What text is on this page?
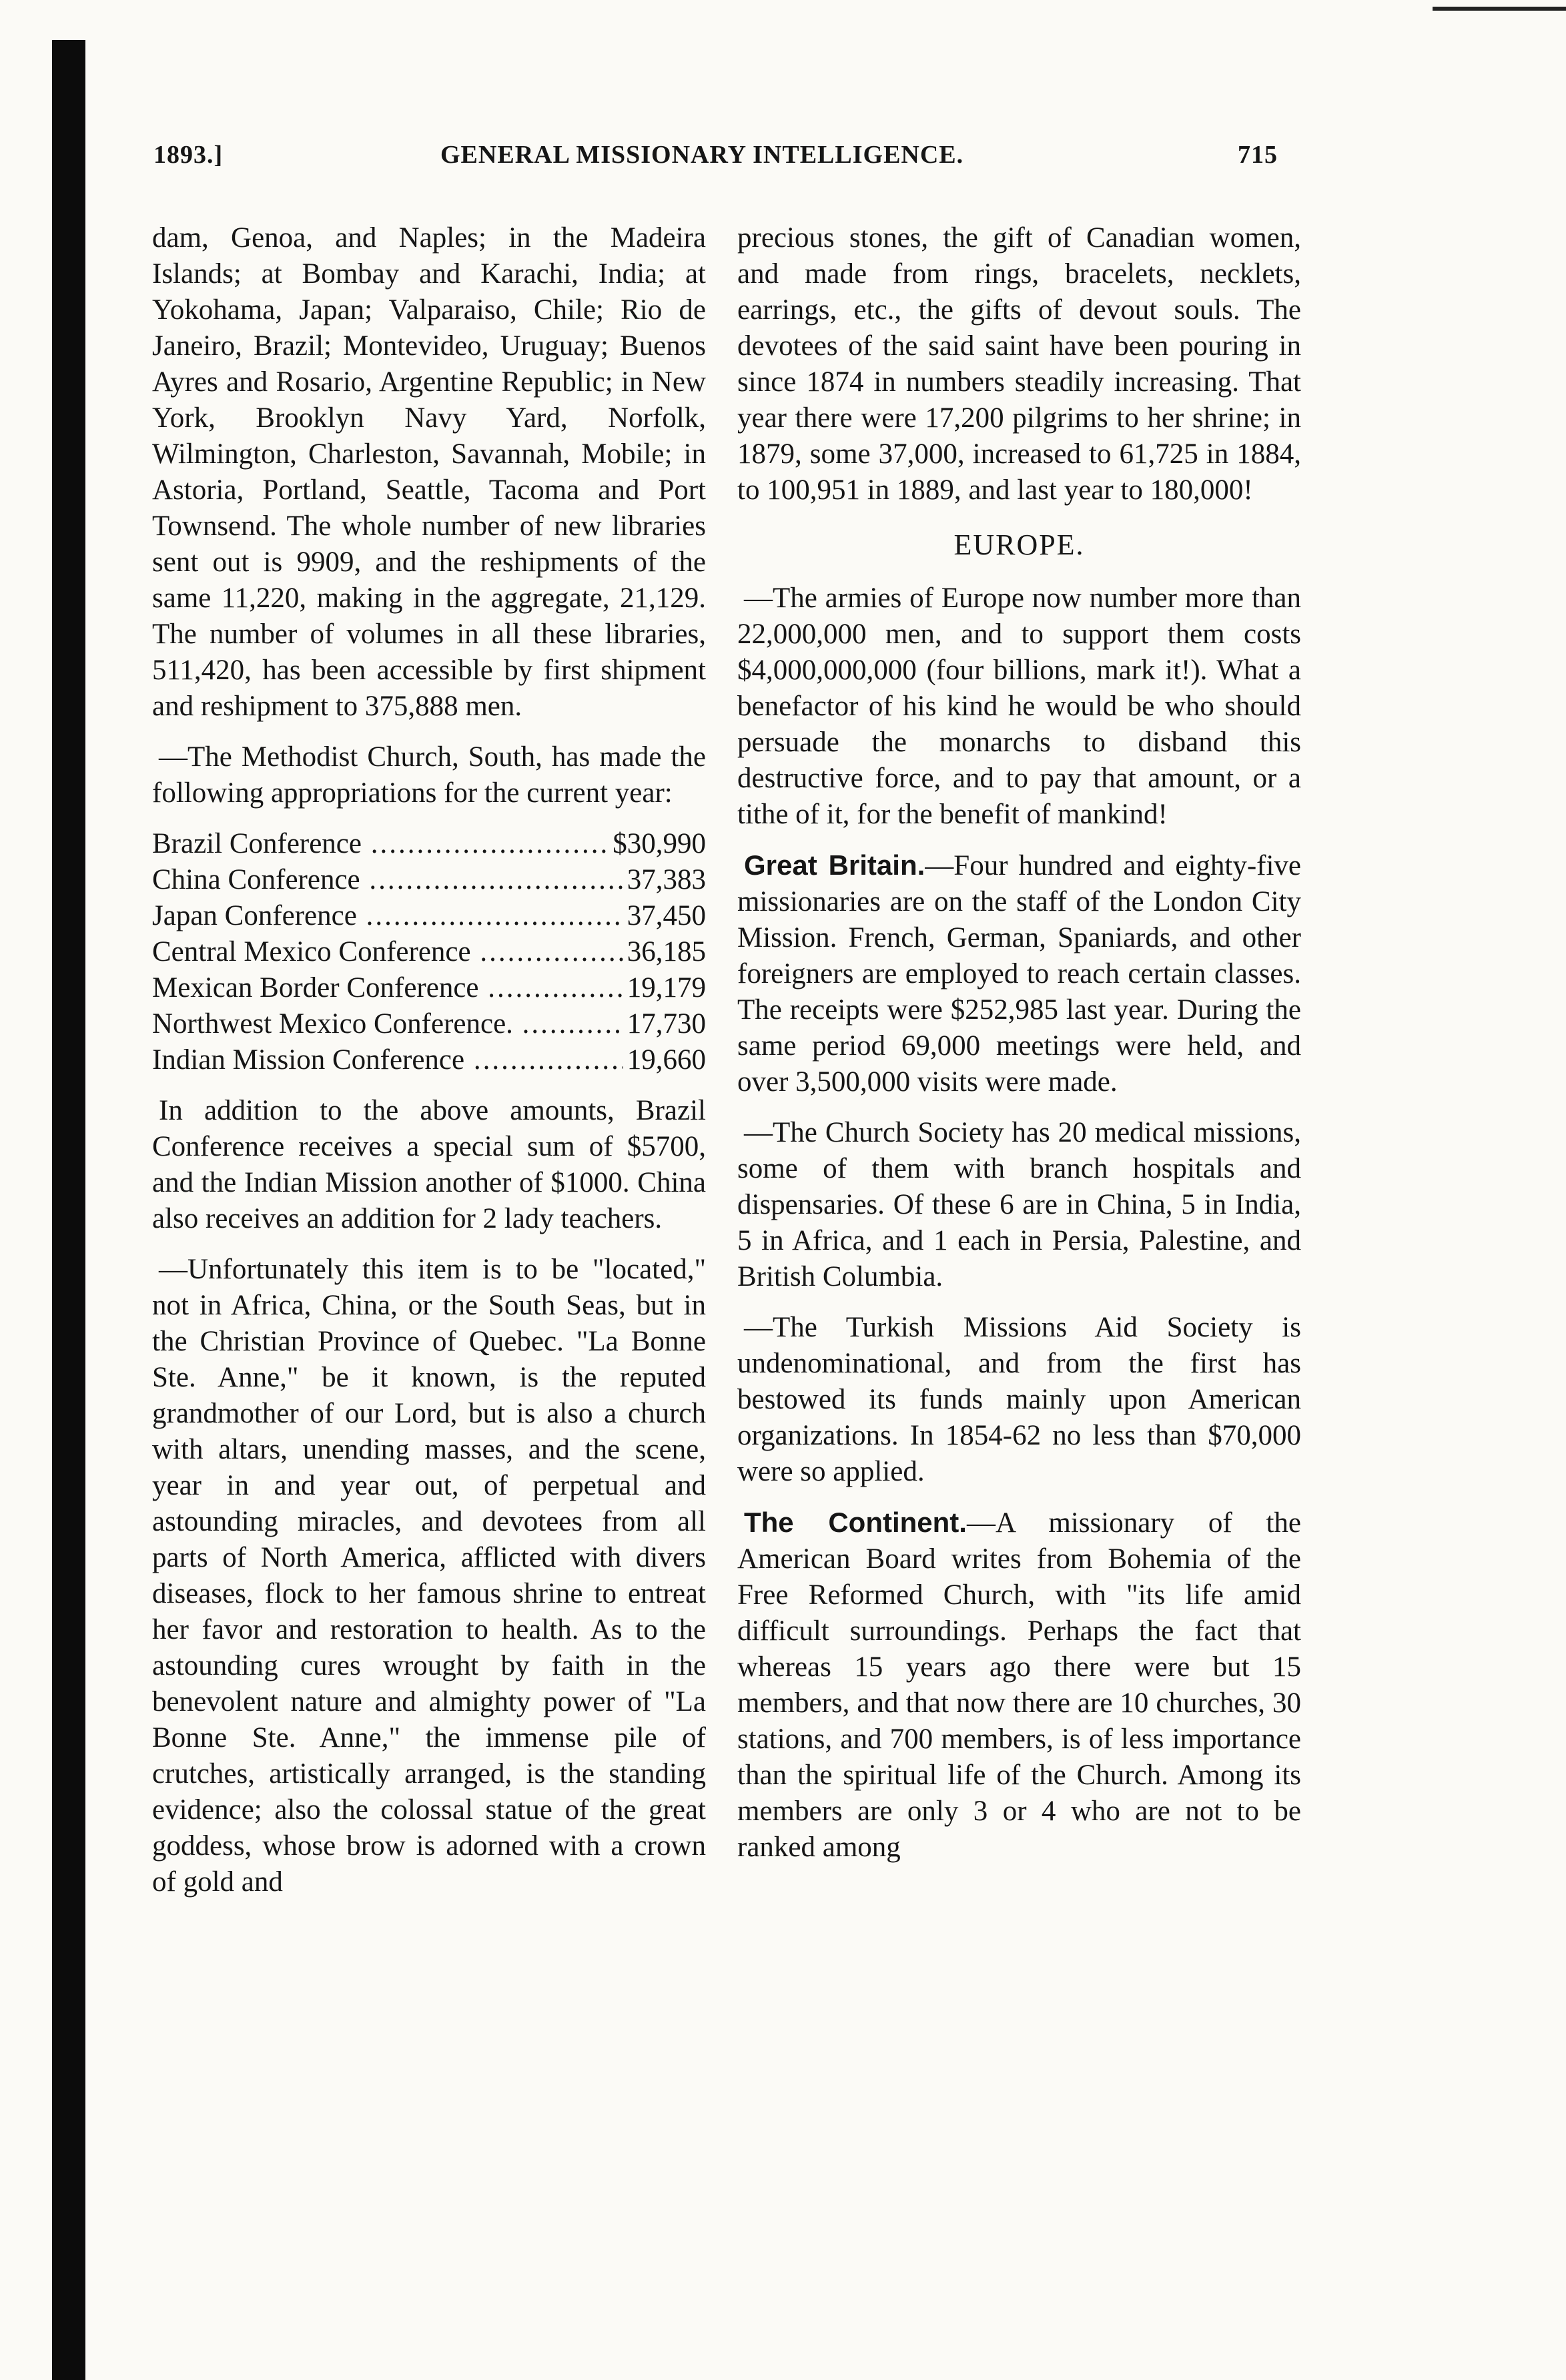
1893.]	GENERAL MISSIONARY INTELLIGENCE.	715

dam, Genoa, and Naples; in the Madeira Islands; at Bombay and Karachi, India; at Yokohama, Japan; Valparaiso, Chile; Rio de Janeiro, Brazil; Montevideo, Uruguay; Buenos Ayres and Rosario, Argentine Republic; in New York, Brooklyn Navy Yard, Norfolk, Wilmington, Charleston, Savannah, Mobile; in Astoria, Portland, Seattle, Tacoma and Port Townsend. The whole number of new libraries sent out is 9909, and the reshipments of the same 11,220, making in the aggregate, 21,129. The number of volumes in all these libraries, 511,420, has been accessible by first shipment and reshipment to 375,888 men.

—The Methodist Church, South, has made the following appropriations for the current year:

Brazil Conference .....	$30,990
China Conference .....	37,383
Japan Conference .....	37,450
Central Mexico Conference .....	36,185
Mexican Border Conference .....	19,179
Northwest Mexico Conference. .....	17,730
Indian Mission Conference .....	19,660

In addition to the above amounts, Brazil Conference receives a special sum of $5700, and the Indian Mission another of $1000. China also receives an addition for 2 lady teachers.

—Unfortunately this item is to be "located," not in Africa, China, or the South Seas, but in the Christian Province of Quebec. "La Bonne Ste. Anne," be it known, is the reputed grandmother of our Lord, but is also a church with altars, unending masses, and the scene, year in and year out, of perpetual and astounding miracles, and devotees from all parts of North America, afflicted with divers diseases, flock to her famous shrine to entreat her favor and restoration to health. As to the astounding cures wrought by faith in the benevolent nature and almighty power of "La Bonne Ste. Anne," the immense pile of crutches, artistically arranged, is the standing evidence; also the colossal statue of the great goddess, whose brow is adorned with a crown of gold and

precious stones, the gift of Canadian women, and made from rings, bracelets, necklets, earrings, etc., the gifts of devout souls. The devotees of the said saint have been pouring in since 1874 in numbers steadily increasing. That year there were 17,200 pilgrims to her shrine; in 1879, some 37,000, increased to 61,725 in 1884, to 100,951 in 1889, and last year to 180,000!

EUROPE.

—The armies of Europe now number more than 22,000,000 men, and to support them costs $4,000,000,000 (four billions, mark it!). What a benefactor of his kind he would be who should persuade the monarchs to disband this destructive force, and to pay that amount, or a tithe of it, for the benefit of mankind!

Great Britain.—Four hundred and eighty-five missionaries are on the staff of the London City Mission. French, German, Spaniards, and other foreigners are employed to reach certain classes. The receipts were $252,985 last year. During the same period 69,000 meetings were held, and over 3,500,000 visits were made.

—The Church Society has 20 medical missions, some of them with branch hospitals and dispensaries. Of these 6 are in China, 5 in India, 5 in Africa, and 1 each in Persia, Palestine, and British Columbia.

—The Turkish Missions Aid Society is undenominational, and from the first has bestowed its funds mainly upon American organizations. In 1854-62 no less than $70,000 were so applied.

The Continent.—A missionary of the American Board writes from Bohemia of the Free Reformed Church, with "its life amid difficult surroundings. Perhaps the fact that whereas 15 years ago there were but 15 members, and that now there are 10 churches, 30 stations, and 700 members, is of less importance than the spiritual life of the Church. Among its members are only 3 or 4 who are not to be ranked among
